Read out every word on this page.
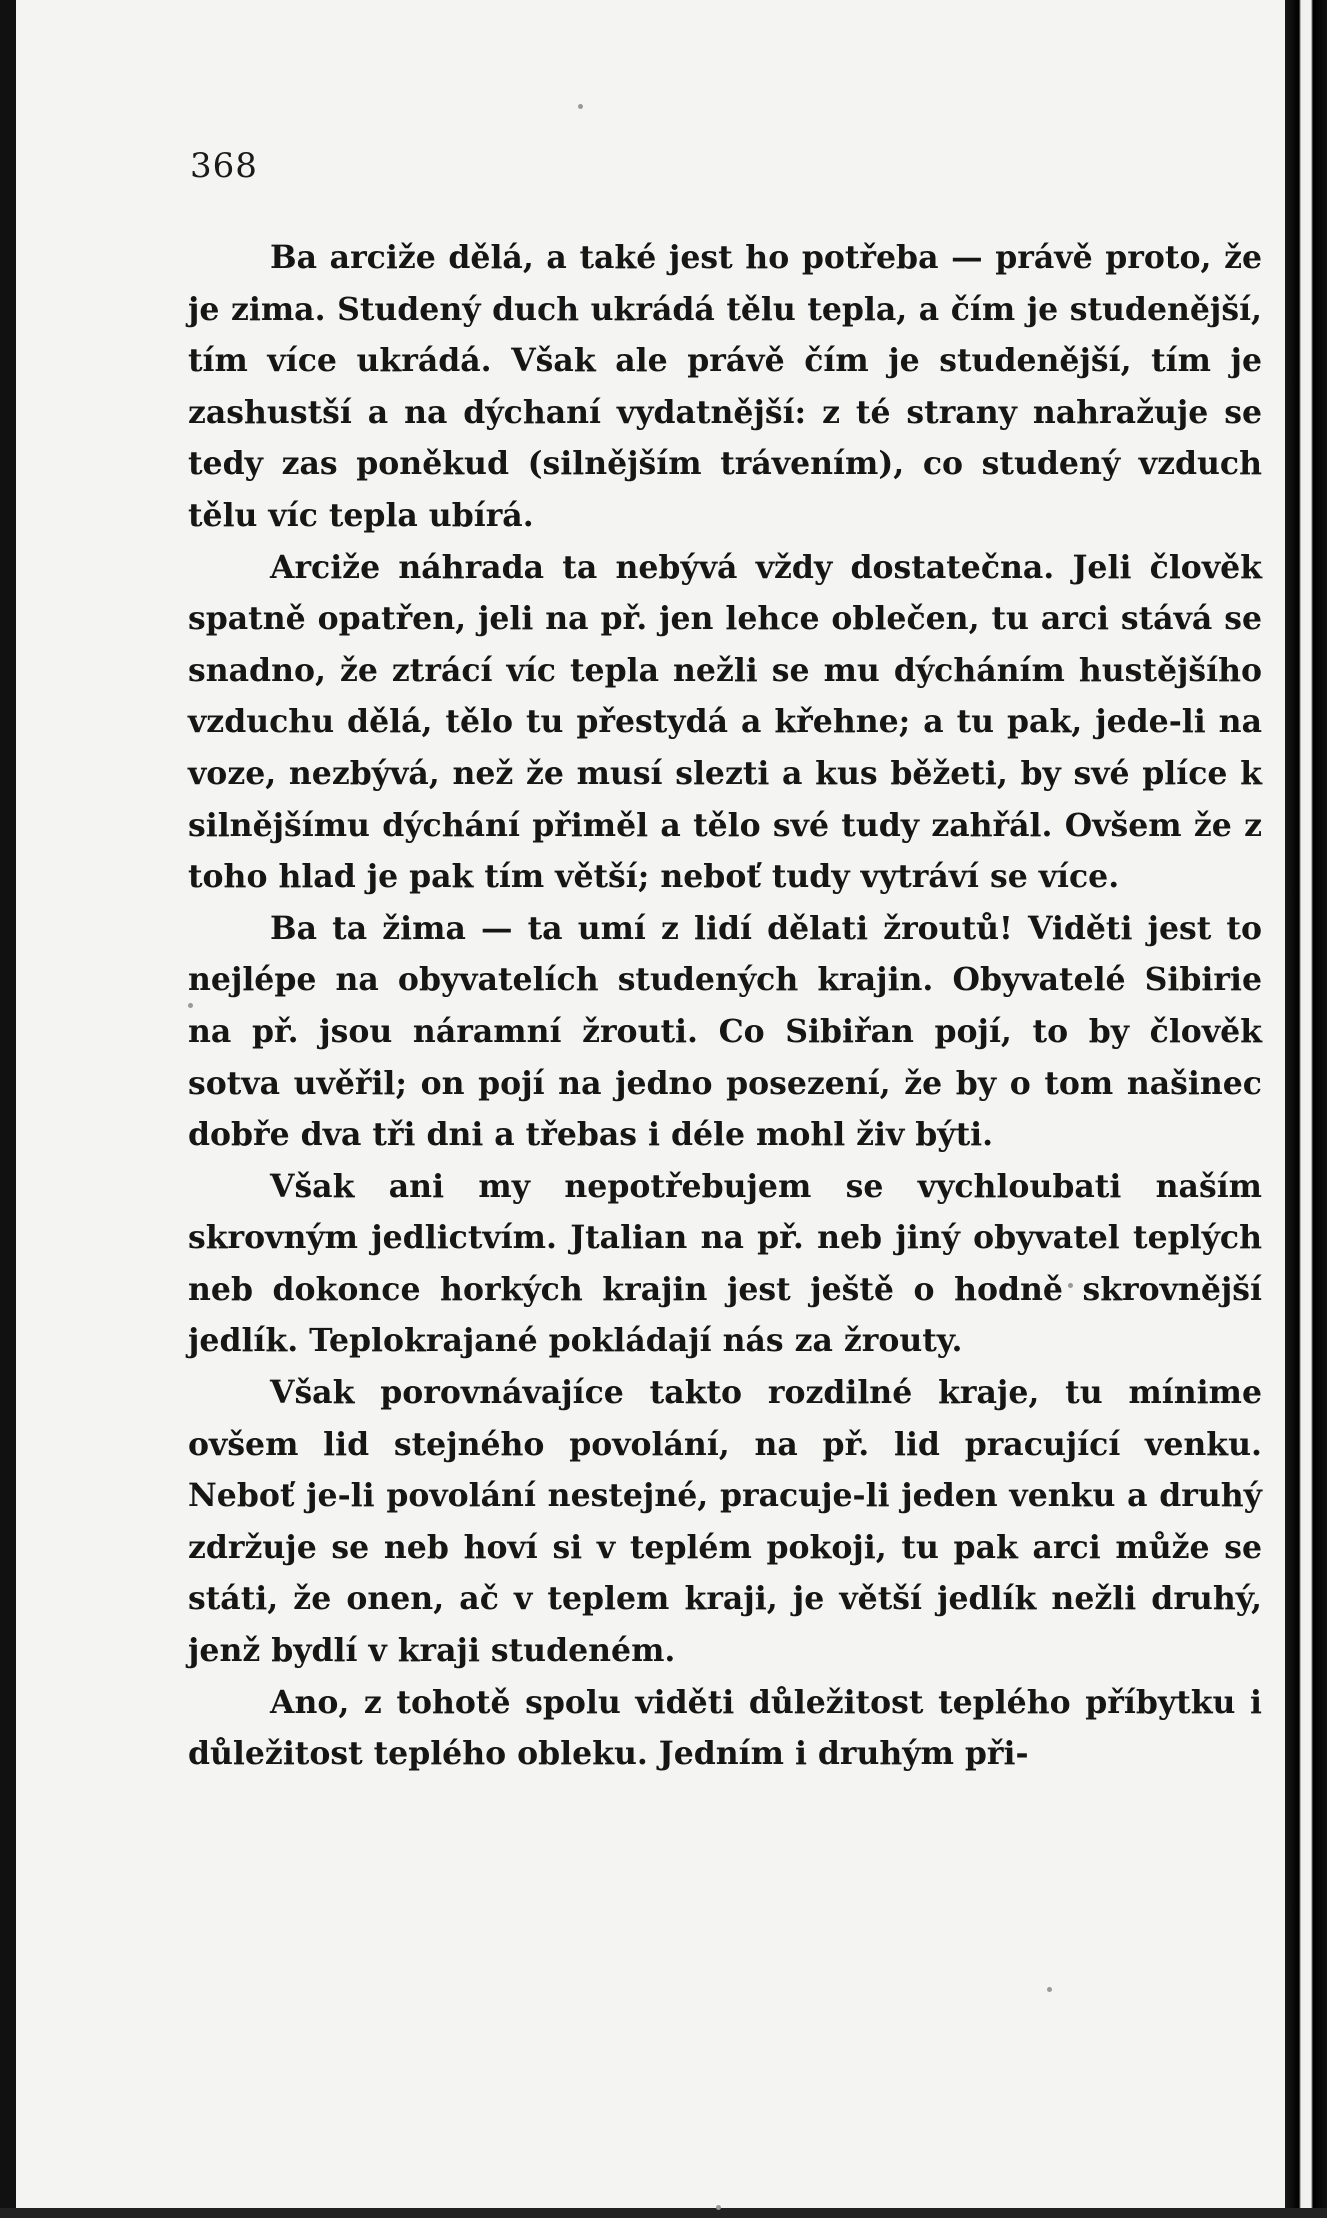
368

Ba arciže dělá, a také jest ho potřeba — právě proto, že je zima. Studený duch ukrádá tělu tepla, a čím je studenější, tím více ukrádá. Však ale právě čím je studenější, tím je zashustší a na dýchaní vydatnější: z té strany nahražuje se tedy zas poněkud (silnějším trávením), co studený vzduch tělu víc tepla ubírá.

Arciže náhrada ta nebývá vždy dostatečna. Jeli člověk spatně opatřen, jeli na př. jen lehce oblečen, tu arci stává se snadno, že ztrácí víc tepla nežli se mu dýcháním hustějšího vzduchu dělá, tělo tu přestydá a křehne; a tu pak, jede-li na voze, nezbývá, než že musí slezti a kus běžeti, by své plíce k silnějšímu dýchání přiměl a tělo své tudy zahřál. Ovšem že z toho hlad je pak tím větší; neboť tudy vytráví se více.

Ba ta žima — ta umí z lidí dělati žroutů! Viděti jest to nejlépe na obyvatelích studených krajin. Obyvatelé Sibirie na př. jsou náramní žrouti. Co Sibiřan pojí, to by člověk sotva uvěřil; on pojí na jedno posezení, že by o tom našinec dobře dva tři dni a třebas i déle mohl živ býti.

Však ani my nepotřebujem se vychloubati naším skrovným jedlictvím. Jtalian na př. neb jiný obyvatel teplých neb dokonce horkých krajin jest ještě o hodně skrovnější jedlík. Teplokrajané pokládají nás za žrouty.

Však porovnávajíce takto rozdilné kraje, tu mínime ovšem lid stejného povolání, na př. lid pracující venku. Neboť je-li povolání nestejné, pracuje-li jeden venku a druhý zdržuje se neb hoví si v teplém pokoji, tu pak arci může se státi, že onen, ač v teplem kraji, je větší jedlík nežli druhý, jenž bydlí v kraji studeném.

Ano, z tohotě spolu viděti důležitost teplého příbytku i důležitost teplého obleku. Jedním i druhým při-
